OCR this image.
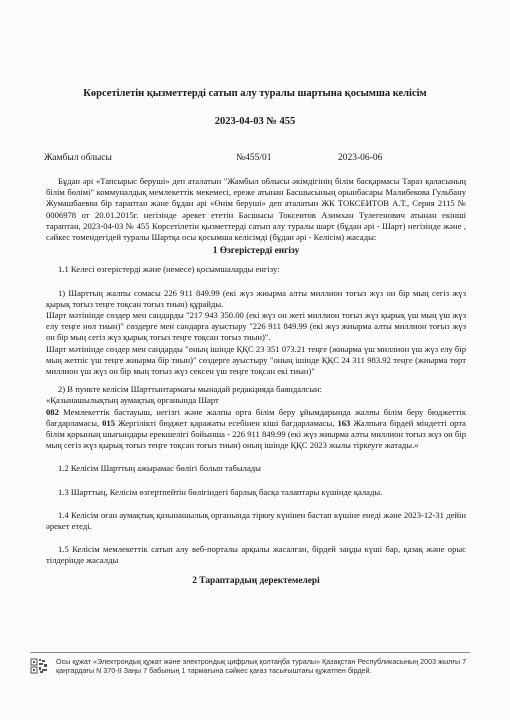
Көрсетілетін қызметтерді сатып алу туралы шартына қосымша келісім
2023-04-03 № 455
Жамбыл облысы	№455/01	2023-06-06

Бұдан әрі «Тапсырыс беруші» деп аталатын "Жамбыл облысы әкімдігінің білім басқармасы Тараз қаласының білім бөлімі" коммуналдық мемлекеттік мекемесі, ереже атынан Басшысының орынбасары Малибекова Гульбану Жумашбаевна бір тараптан және бұдан әрі «Өнім беруші» деп аталатын ЖК ТОКСЕИТОВ А.Т., Серия 2115 № 0006978 от 20.01.2015г. негізінде әрекет ететін Басшысы Токсеитов Азимхан Тулегенович атынан екінші тараптан, 2023-04-03 № 455 Көрсетілетін қызметтерді сатып алу туралы шарт (бұдан әрі - Шарт) негізінде және , сәйкес төмендегідей туралы Шартқа осы қосымша келісімді (бұдан әрі - Келісім) жасады:

1 Өзгерістерді енгізу

1.1 Келесі өзгерістерді және (немесе) қосымшаларды енгізу:

1) Шарттың жалпы сомасы 226 911 849.99 (екі жүз жиырма алты миллион тоғыз жүз он бір мың сегіз жүз қырық тоғыз теңге тоқсан тоғыз тиын) құрайды.

Шарт мәтініндe сөздер мен сандарды "217 943 350.00 (екі жүз он жеті миллион тоғыз жүз қырық үш мың үш жүз елу теңге нөл тиын)" сөздерге мен сандарға ауыстыру "226 911 849.99 (екі жүз жиырма алты миллион тоғыз жүз он бір мың сегіз жүз қырық тоғыз теңге тоқсан тоғыз тиын)".

Шарт мәтініндe сөздер мен сандарды "оның ішінде ҚҚС 23 351 073.21 теңге (жиырма үш миллион үш жүз елу бір мың жетпіс үш теңге жиырма бір тиын)" сөздерге ауыстыру "оның ішінде ҚҚС 24 311 983.92 теңге (жиырма төрт миллион үш жүз он бір мың тоғыз жүз сексен үш теңге тоқсан екі тиын)"

2) В пункте келісім Шарттынтармағы мынадай редакцияда баяндалсын:

«Қазынашылықтың аумақтық органында Шарт

082 Мемлекеттік бастауыш, негізгі және жалпы орта білім беру ұйымдарында жалпы білім беру бюджеттік бағдарламасы, 015 Жергілікті бюджет қаражаты есебінен кіші бағдарламасы, 163 Жалпыға бірдей міндетті орта білім қорының шығындары ерекшелігі бойынша - 226 911 849.99 (екі жүз жиырма алты миллион тоғыз жүз он бір мың сегіз жүз қырық тоғыз теңге тоқсан тоғыз тиын) оның ішінде ҚҚС 2023 жылы тіркеуге жатады.»

1.2 Келісім Шарттың ажырамас бөлігі болып табылады

1.3 Шарттың, Келісім өзгертпейтін бөлігіндегі барлық басқа талаптары күшінде қалады.

1.4 Келісім оған аумақтық қазынашылық органында тіркеу күнінен бастап күшіне енеді және 2023-12-31 дейін әрекет етеді.

1.5 Келісім мемлекеттік сатып алу веб-порталы арқылы жасалған, бірдей заңды күші бар, қазақ және орыс тілдерінде жасалды

2 Тараптардың деректемелері

Осы құжат «Электрондық құжат және электрондық цифрлық қолтаңба туралы» Қазақстан Республикасының 2003 жылғы 7 қаңтардағы N 370-II Заңы 7 бабының 1 тармағына сәйкес қағаз тасығыштағы құжатпен бірдей.
